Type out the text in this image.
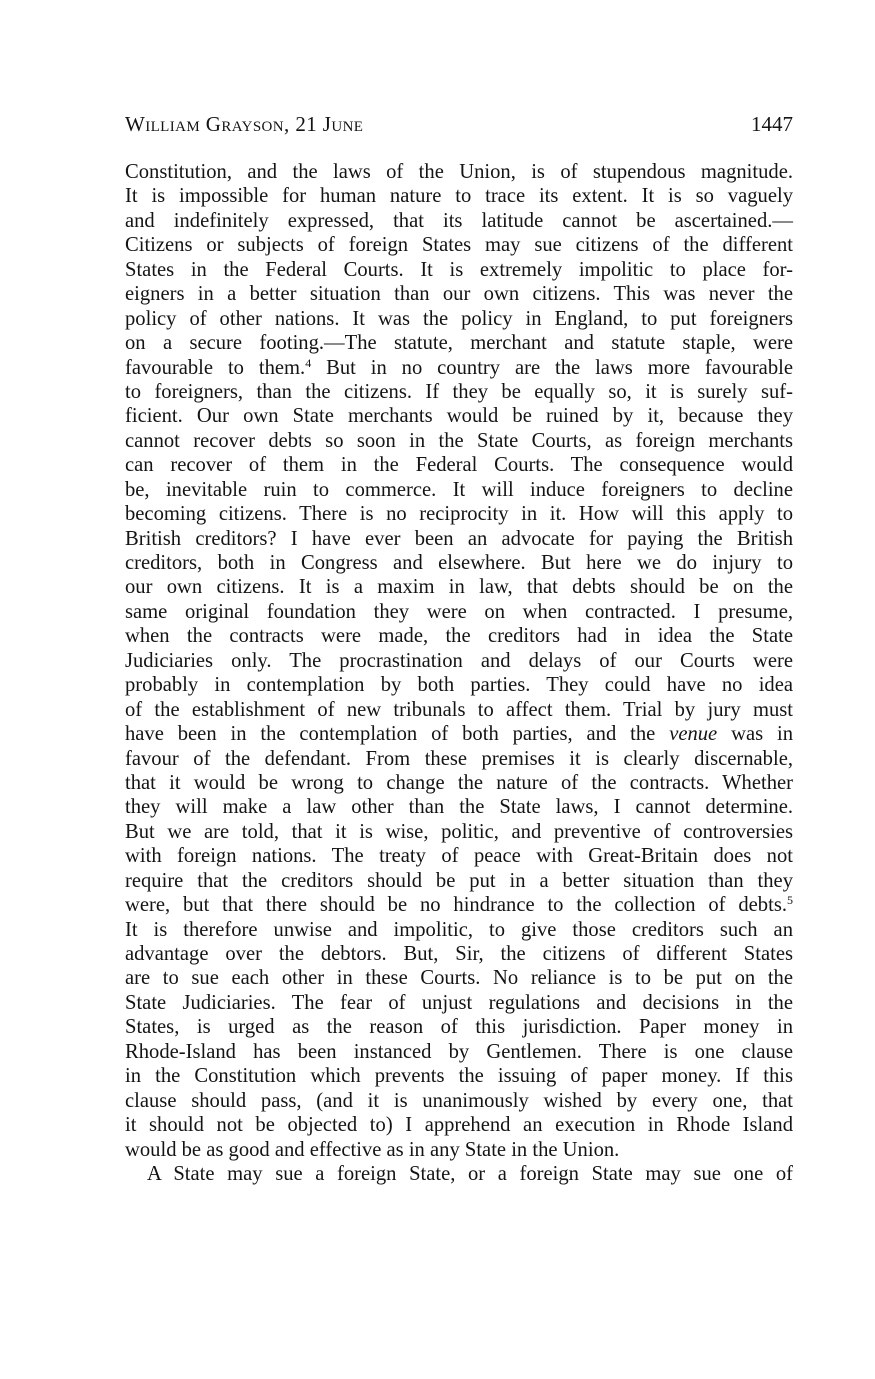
William Grayson, 21 June	1447
Constitution, and the laws of the Union, is of stupendous magnitude.
It is impossible for human nature to trace its extent. It is so vaguely
and indefinitely expressed, that its latitude cannot be ascertained.—
Citizens or subjects of foreign States may sue citizens of the different
States in the Federal Courts. It is extremely impolitic to place for-
eigners in a better situation than our own citizens. This was never the
policy of other nations. It was the policy in England, to put foreigners
on a secure footing.—The statute, merchant and statute staple, were
favourable to them.$^4$ But in no country are the laws more favourable
to foreigners, than the citizens. If they be equally so, it is surely suf-
ficient. Our own State merchants would be ruined by it, because they
cannot recover debts so soon in the State Courts, as foreign merchants
can recover of them in the Federal Courts. The consequence would
be, inevitable ruin to commerce. It will induce foreigners to decline
becoming citizens. There is no reciprocity in it. How will this apply to
British creditors? I have ever been an advocate for paying the British
creditors, both in Congress and elsewhere. But here we do injury to
our own citizens. It is a maxim in law, that debts should be on the
same original foundation they were on when contracted. I presume,
when the contracts were made, the creditors had in idea the State
Judiciaries only. The procrastination and delays of our Courts were
probably in contemplation by both parties. They could have no idea
of the establishment of new tribunals to affect them. Trial by jury must
have been in the contemplation of both parties, and the venue was in
favour of the defendant. From these premises it is clearly discernable,
that it would be wrong to change the nature of the contracts. Whether
they will make a law other than the State laws, I cannot determine.
But we are told, that it is wise, politic, and preventive of controversies
with foreign nations. The treaty of peace with Great-Britain does not
require that the creditors should be put in a better situation than they
were, but that there should be no hindrance to the collection of debts.$^5$
It is therefore unwise and impolitic, to give those creditors such an
advantage over the debtors. But, Sir, the citizens of different States
are to sue each other in these Courts. No reliance is to be put on the
State Judiciaries. The fear of unjust regulations and decisions in the
States, is urged as the reason of this jurisdiction. Paper money in
Rhode-Island has been instanced by Gentlemen. There is one clause
in the Constitution which prevents the issuing of paper money. If this
clause should pass, (and it is unanimously wished by every one, that
it should not be objected to) I apprehend an execution in Rhode Island
would be as good and effective as in any State in the Union.
A State may sue a foreign State, or a foreign State may sue one of
